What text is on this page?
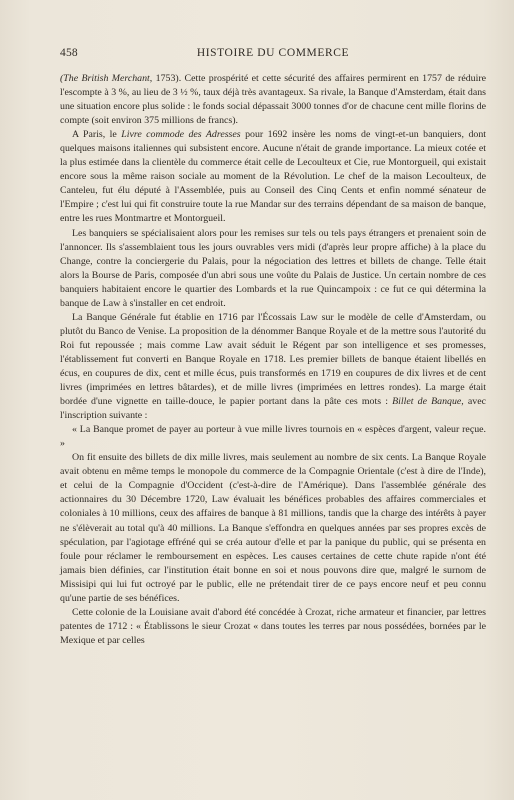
458	HISTOIRE DU COMMERCE

(The British Merchant, 1753). Cette prospérité et cette sécurité des affaires permirent en 1757 de réduire l'escompte à 3 %, au lieu de 3 ½ %, taux déjà très avantageux. Sa rivale, la Banque d'Amsterdam, était dans une situation encore plus solide : le fonds social dépassait 3000 tonnes d'or de chacune cent mille florins de compte (soit environ 375 millions de francs).

A Paris, le Livre commode des Adresses pour 1692 insère les noms de vingt-et-un banquiers, dont quelques maisons italiennes qui subsistent encore. Aucune n'était de grande importance. La mieux cotée et la plus estimée dans la clientèle du commerce était celle de Lecoulteux et Cie, rue Montorgueil, qui existait encore sous la même raison sociale au moment de la Révolution. Le chef de la maison Lecoulteux, de Canteleu, fut élu député à l'Assemblée, puis au Conseil des Cinq Cents et enfin nommé sénateur de l'Empire ; c'est lui qui fit construire toute la rue Mandar sur des terrains dépendant de sa maison de banque, entre les rues Montmartre et Montorgueil.

Les banquiers se spécialisaient alors pour les remises sur tels ou tels pays étrangers et prenaient soin de l'annoncer. Ils s'assemblaient tous les jours ouvrables vers midi (d'après leur propre affiche) à la place du Change, contre la conciergerie du Palais, pour la négociation des lettres et billets de change. Telle était alors la Bourse de Paris, composée d'un abri sous une voûte du Palais de Justice. Un certain nombre de ces banquiers habitaient encore le quartier des Lombards et la rue Quincampoix : ce fut ce qui détermina la banque de Law à s'installer en cet endroit.

La Banque Générale fut établie en 1716 par l'Écossais Law sur le modèle de celle d'Amsterdam, ou plutôt du Banco de Venise. La proposition de la dénommer Banque Royale et de la mettre sous l'autorité du Roi fut repoussée ; mais comme Law avait séduit le Régent par son intelligence et ses promesses, l'établissement fut converti en Banque Royale en 1718. Les premier billets de banque étaient libellés en écus, en coupures de dix, cent et mille écus, puis transformés en 1719 en coupures de dix livres et de cent livres (imprimées en lettres bâtardes), et de mille livres (imprimées en lettres rondes). La marge était bordée d'une vignette en taille-douce, le papier portant dans la pâte ces mots : Billet de Banque, avec l'inscription suivante :

« La Banque promet de payer au porteur à vue mille livres tournois en « espèces d'argent, valeur reçue. »

On fit ensuite des billets de dix mille livres, mais seulement au nombre de six cents. La Banque Royale avait obtenu en même temps le monopole du commerce de la Compagnie Orientale (c'est à dire de l'Inde), et celui de la Compagnie d'Occident (c'est-à-dire de l'Amérique). Dans l'assemblée générale des actionnaires du 30 Décembre 1720, Law évaluait les bénéfices probables des affaires commerciales et coloniales à 10 millions, ceux des affaires de banque à 81 millions, tandis que la charge des intérêts à payer ne s'élèverait au total qu'à 40 millions. La Banque s'effondra en quelques années par ses propres excès de spéculation, par l'agiotage effréné qui se créa autour d'elle et par la panique du public, qui se présenta en foule pour réclamer le remboursement en espèces. Les causes certaines de cette chute rapide n'ont été jamais bien définies, car l'institution était bonne en soi et nous pouvons dire que, malgré le surnom de Missisipi qui lui fut octroyé par le public, elle ne prétendait tirer de ce pays encore neuf et peu connu qu'une partie de ses bénéfices.

Cette colonie de la Louisiane avait d'abord été concédée à Crozat, riche armateur et financier, par lettres patentes de 1712 : « Établissons le sieur Crozat « dans toutes les terres par nous possédées, bornées par le Mexique et par celles
